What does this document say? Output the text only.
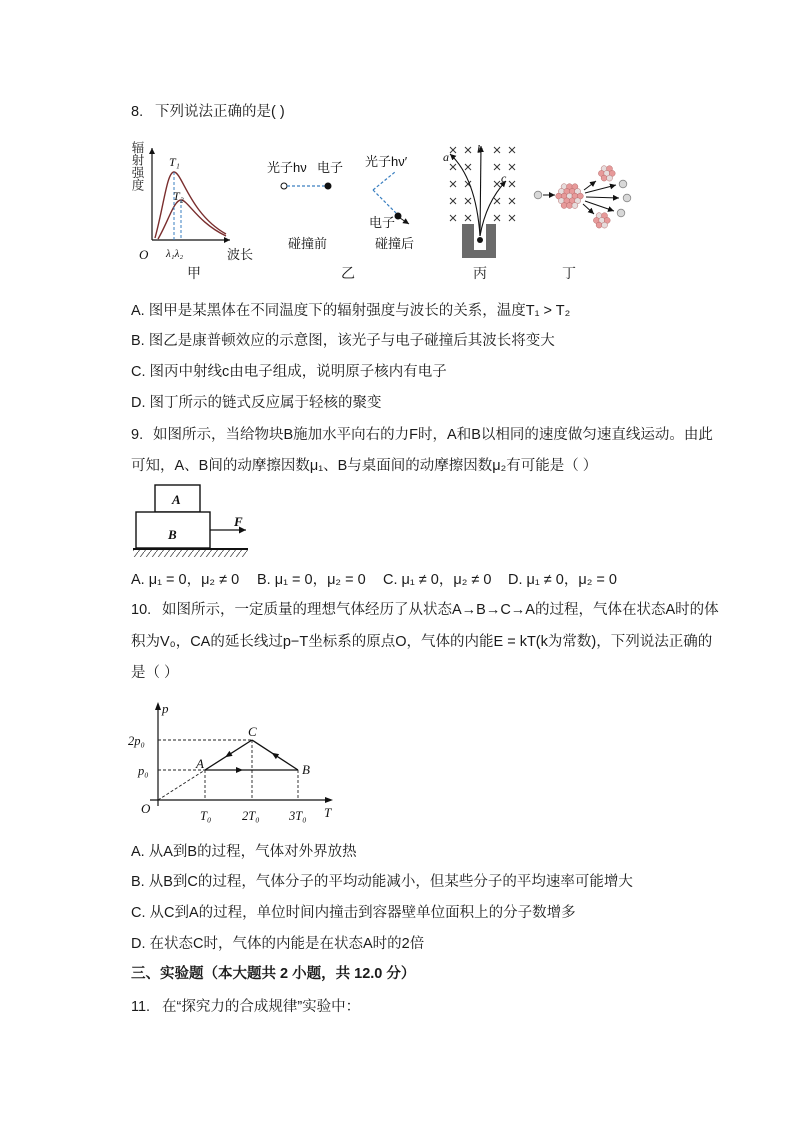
8. 下列说法正确的是( )
辐射强度 T₁
T₂
λ₁λ₂
O	波长
光子hν 电子
碰撞前
光子hν′
电子
碰撞后
a
b
c
甲	乙	丙	丁
A. 图甲是某黑体在不同温度下的辐射强度与波长的关系，温度T₁ > T₂
B. 图乙是康普顿效应的示意图，该光子与电子碰撞后其波长将变大
C. 图丙中射线c由电子组成，说明原子核内有电子
D. 图丁所示的链式反应属于轻核的聚变
9. 如图所示，当给物块B施加水平向右的力F时，A和B以相同的速度做匀速直线运动。由此
可知，A、B间的动摩擦因数μ₁、B与桌面间的动摩擦因数μ₂有可能是（ ）
A
B
F
A. μ₁ = 0，μ₂ ≠ 0 B. μ₁ = 0，μ₂ = 0 C. μ₁ ≠ 0，μ₂ ≠ 0 D. μ₁ ≠ 0，μ₂ = 0
10. 如图所示，一定质量的理想气体经历了从状态A→B→C→A的过程，气体在状态A时的体
积为V₀，CA的延长线过p−T坐标系的原点O，气体的内能E = kT(k为常数)，下列说法正确的
是（ ）
p
T
O
2p₀
p₀
T₀ 2T₀ 3T₀
A	B
C
A. 从A到B的过程，气体对外界放热
B. 从B到C的过程，气体分子的平均动能减小，但某些分子的平均速率可能增大
C. 从C到A的过程，单位时间内撞击到容器壁单位面积上的分子数增多
D. 在状态C时，气体的内能是在状态A时的2倍
三、实验题（本大题共 2 小题，共 12.0 分）
11. 在“探究力的合成规律”实验中：
